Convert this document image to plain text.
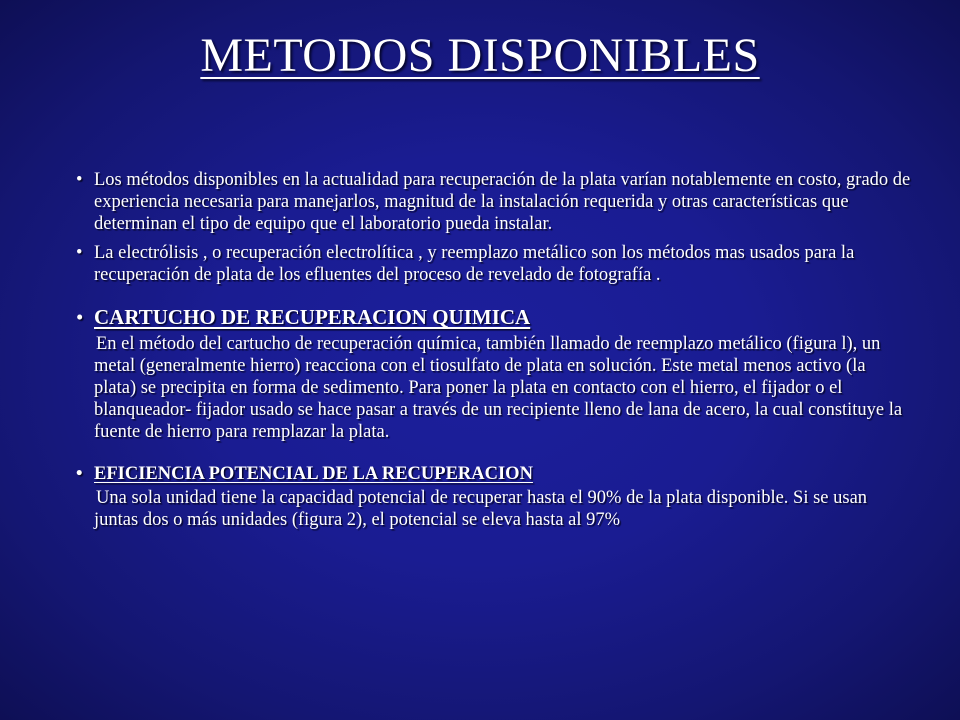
METODOS DISPONIBLES
• Los métodos disponibles en la actualidad para recuperación de la plata varían notablemente en costo, grado de experiencia necesaria para manejarlos, magnitud de la instalación requerida y otras características que determinan el tipo de equipo que el laboratorio pueda instalar.
• La electrólisis , o recuperación electrolítica , y reemplazo metálico son los métodos mas usados para la recuperación de plata de los efluentes del proceso de revelado de fotografía .
• CARTUCHO DE RECUPERACION QUIMICA
En el método del cartucho de recuperación química, también llamado de reemplazo metálico (figura l), un metal (generalmente hierro) reacciona con el tiosulfato de plata en solución. Este metal menos activo (la plata) se precipita en forma de sedimento. Para poner la plata en contacto con el hierro, el fijador o el blanqueador- fijador usado se hace pasar a través de un recipiente lleno de lana de acero, la cual constituye la fuente de hierro para remplazar la plata.
• EFICIENCIA POTENCIAL DE LA RECUPERACION
Una sola unidad tiene la capacidad potencial de recuperar hasta el 90% de la plata disponible. Si se usan juntas dos o más unidades (figura 2), el potencial se eleva hasta al 97%
